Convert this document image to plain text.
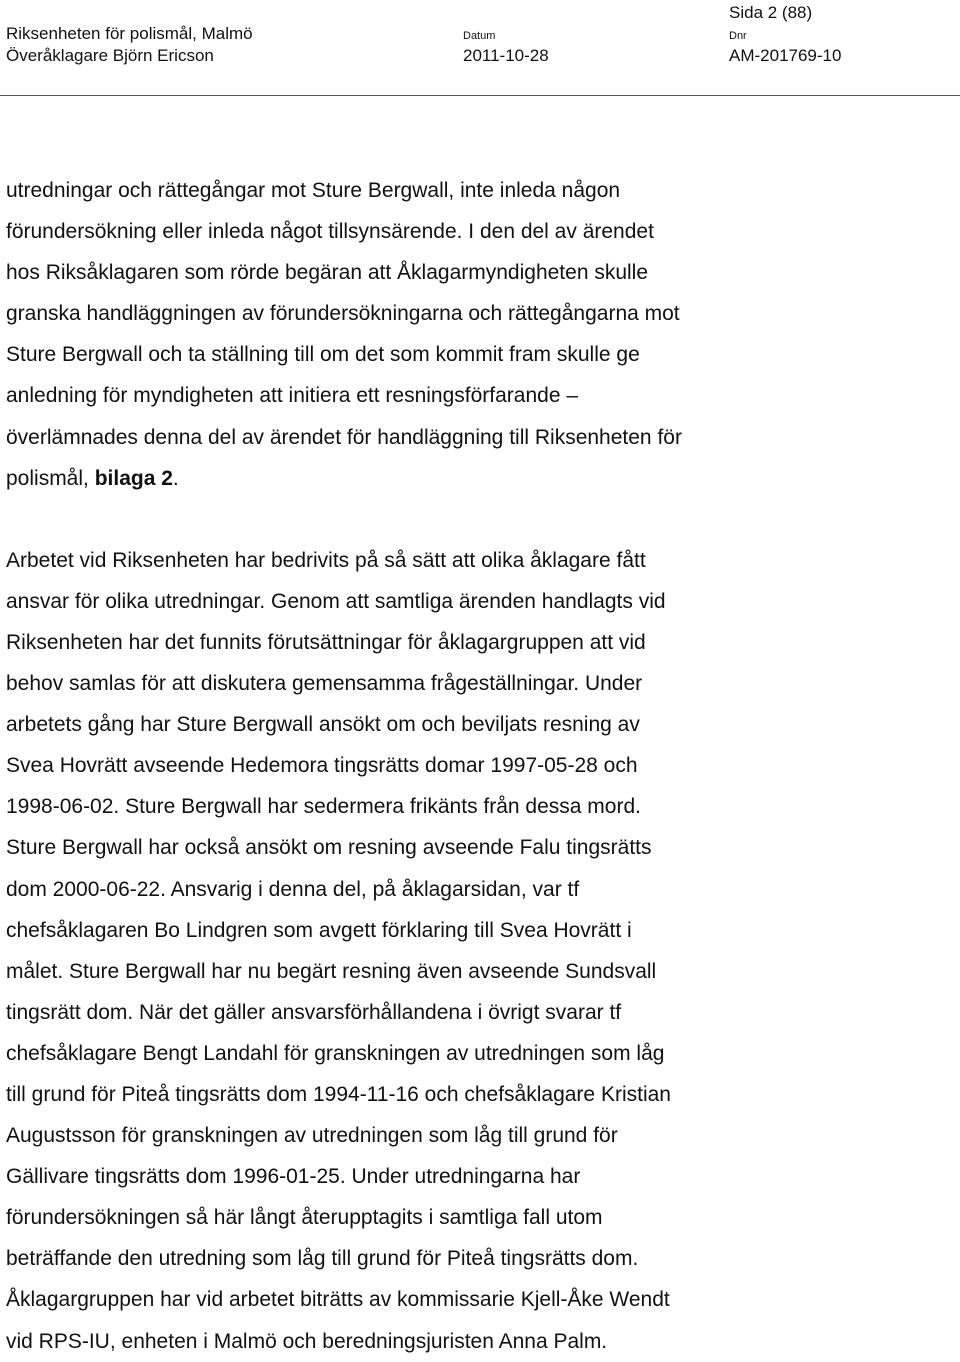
Sida 2 (88)
Riksenheten för polismål, Malmö
Överåklagare Björn Ericson
Datum
2011-10-28
Dnr
AM-201769-10
utredningar och rättegångar mot Sture Bergwall, inte inleda någon
förundersökning eller inleda något tillsynsärende. I den del av ärendet
hos Riksåklagaren som rörde begäran att Åklagarmyndigheten skulle
granska handläggningen av förundersökningarna och rättegångarna mot
Sture Bergwall och ta ställning till om det som kommit fram skulle ge
anledning för myndigheten att initiera ett resningsförfarande –
överlämnades denna del av ärendet för handläggning till Riksenheten för
polismål, bilaga 2.
Arbetet vid Riksenheten har bedrivits på så sätt att olika åklagare fått
ansvar för olika utredningar. Genom att samtliga ärenden handlagts vid
Riksenheten har det funnits förutsättningar för åklagargruppen att vid
behov samlas för att diskutera gemensamma frågeställningar. Under
arbetets gång har Sture Bergwall ansökt om och beviljats resning av
Svea Hovrätt avseende Hedemora tingsrätts domar 1997-05-28 och
1998-06-02. Sture Bergwall har sedermera frikänts från dessa mord.
Sture Bergwall har också ansökt om resning avseende Falu tingsrätts
dom 2000-06-22. Ansvarig i denna del, på åklagarsidan, var tf
chefsåklagaren Bo Lindgren som avgett förklaring till Svea Hovrätt i
målet. Sture Bergwall har nu begärt resning även avseende Sundsvall
tingsrätt dom. När det gäller ansvarsförhållandena i övrigt svarar tf
chefsåklagare Bengt Landahl för granskningen av utredningen som låg
till grund för Piteå tingsrätts dom 1994-11-16 och chefsåklagare Kristian
Augustsson för granskningen av utredningen som låg till grund för
Gällivare tingsrätts dom 1996-01-25. Under utredningarna har
förundersökningen så här långt återupptagits i samtliga fall utom
beträffande den utredning som låg till grund för Piteå tingsrätts dom.
Åklagargruppen har vid arbetet biträtts av kommissarie Kjell-Åke Wendt
vid RPS-IU, enheten i Malmö och beredningsjuristen Anna Palm.
